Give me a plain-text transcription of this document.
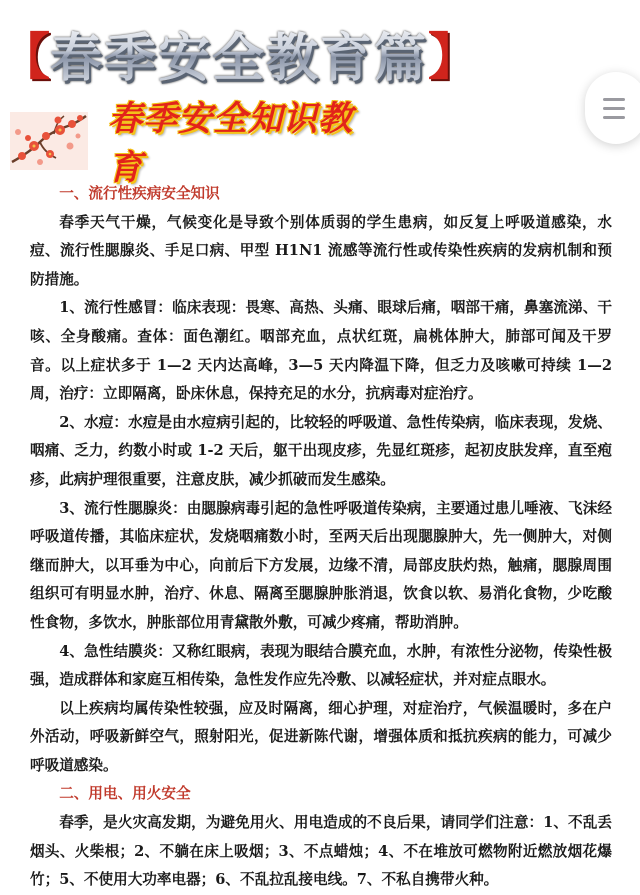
【 春季安全教育篇 】
春季安全知识教育

一、流行性疾病安全知识

春季天气干燥，气候变化是导致个别体质弱的学生患病，如反复上呼吸道感染，水痘、流行性腮腺炎、手足口病、甲型 H1N1 流感等流行性或传染性疾病的发病机制和预防措施。

1、流行性感冒：临床表现：畏寒、高热、头痛、眼球后痛，咽部干痛，鼻塞流涕、干咳、全身酸痛。查体：面色潮红。咽部充血，点状红斑，扁桃体肿大，肺部可闻及干罗音。以上症状多于 1—2 天内达高峰，3—5 天内降温下降，但乏力及咳嗽可持续 1—2 周，治疗：立即隔离，卧床休息，保持充足的水分，抗病毒对症治疗。

2、水痘：水痘是由水痘病引起的，比较轻的呼吸道、急性传染病，临床表现，发烧、咽痛、乏力，约数小时或 1-2 天后，躯干出现皮疹，先显红斑疹，起初皮肤发痒，直至疱疹，此病护理很重要，注意皮肤，减少抓破而发生感染。

3、流行性腮腺炎：由腮腺病毒引起的急性呼吸道传染病，主要通过患儿唾液、飞沫经呼吸道传播，其临床症状，发烧咽痛数小时，至两天后出现腮腺肿大，先一侧肿大，对侧继而肿大，以耳垂为中心，向前后下方发展，边缘不清，局部皮肤灼热，触痛，腮腺周围组织可有明显水肿，治疗、休息、隔离至腮腺肿胀消退，饮食以软、易消化食物，少吃酸性食物，多饮水，肿胀部位用青黛散外敷，可减少疼痛，帮助消肿。

4、急性结膜炎：又称红眼病，表现为眼结合膜充血，水肿，有浓性分泌物，传染性极强，造成群体和家庭互相传染，急性发作应先冷敷、以减轻症状，并对症点眼水。

以上疾病均属传染性较强，应及时隔离，细心护理，对症治疗，气候温暖时，多在户外活动，呼吸新鲜空气，照射阳光，促进新陈代谢，增强体质和抵抗疾病的能力，可减少呼吸道感染。

二、用电、用火安全

春季，是火灾高发期，为避免用火、用电造成的不良后果，请同学们注意：1、不乱丢烟头、火柴根；2、不躺在床上吸烟；3、不点蜡烛；4、不在堆放可燃物附近燃放烟花爆竹；5、不使用大功率电器；6、不乱拉乱接电线。7、不私自携带火种。
